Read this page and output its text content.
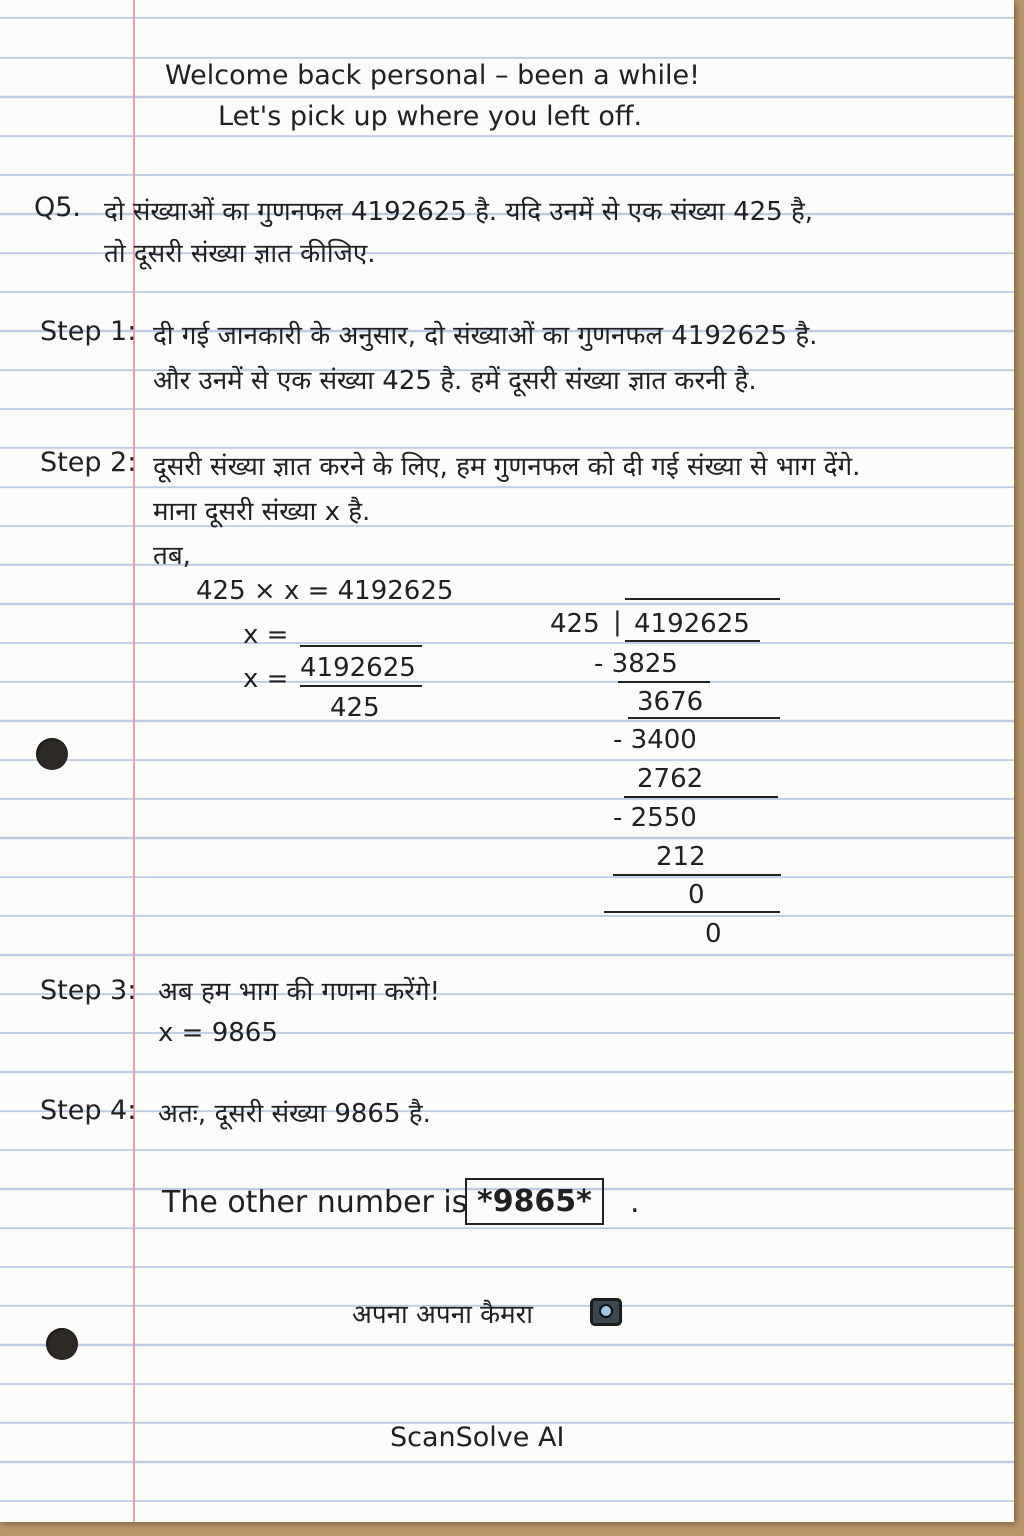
Welcome back personal – been a while!
Let's pick up where you left off.
Q5. दो संख्याओं का गुणनफल 4192625 है. यदि उनमें से एक संख्या 425 है,
तो दूसरी संख्या ज्ञात कीजिए.
Step 1: दी गई जानकारी के अनुसार, दो संख्याओं का गुणनफल 4192625 है.
और उनमें से एक संख्या 425 है. हमें दूसरी संख्या ज्ञात करनी है.
Step 2: दूसरी संख्या ज्ञात करने के लिए, हम गुणनफल को दी गई संख्या से भाग देंगे.
माना दूसरी संख्या x है.
तब,
425 × x = 4192625
x =
x = 4192625
425
425 | 4192625
- 3825
3676
- 3400
2762
- 2550
212
0
0
Step 3: अब हम भाग की गणना करेंगे!
x = 9865
Step 4: अतः, दूसरी संख्या 9865 है.
The other number is *9865*	.
अपना अपना कैमरा
ScanSolve AI
